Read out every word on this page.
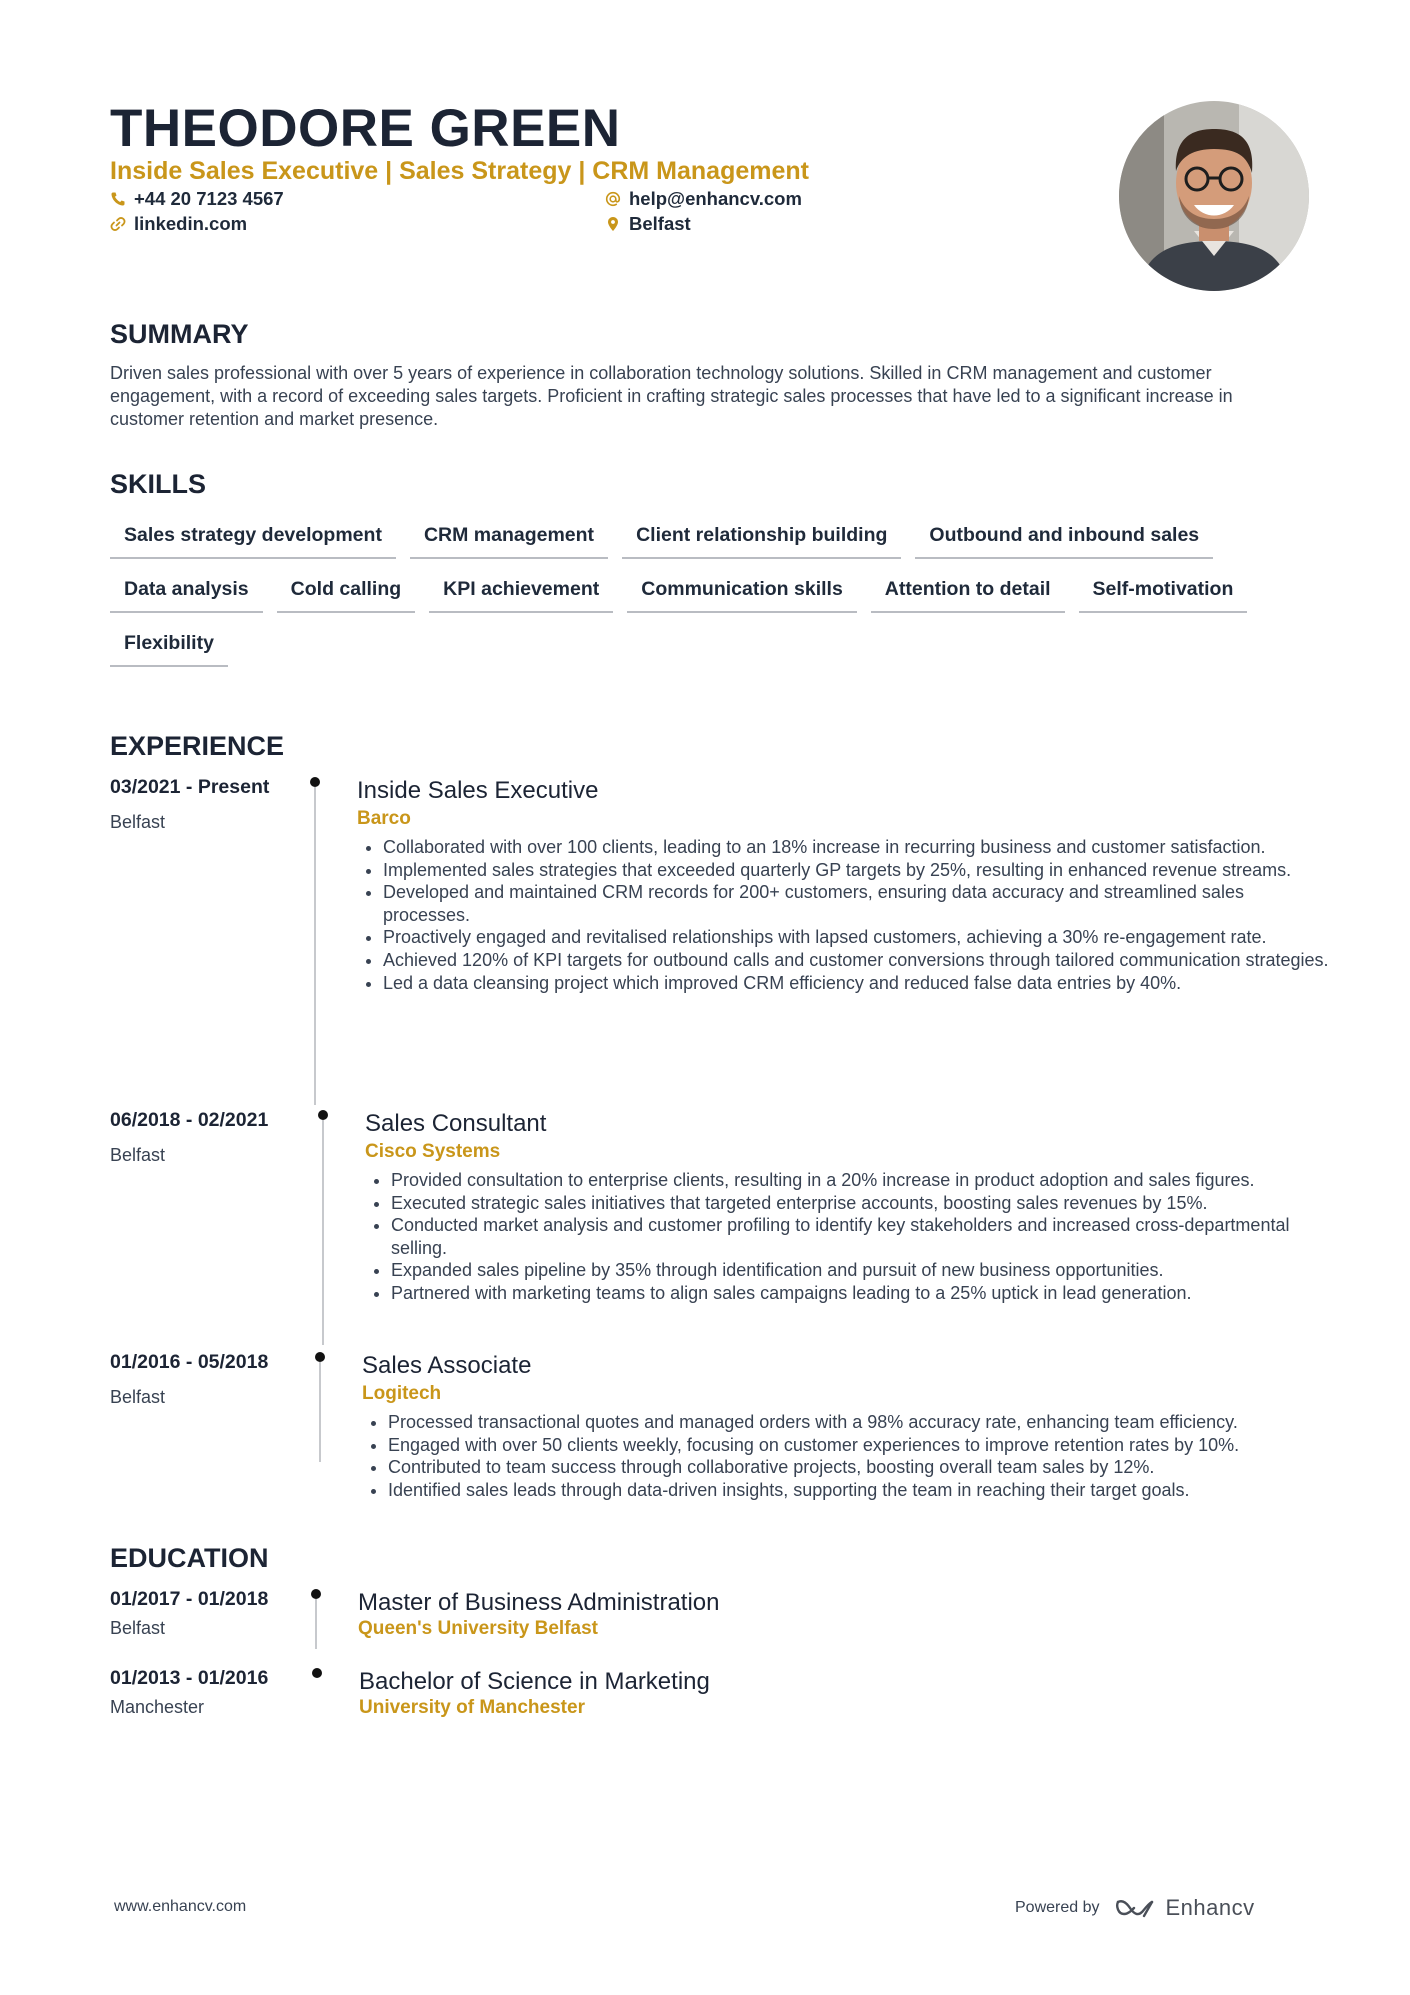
THEODORE GREEN
Inside Sales Executive | Sales Strategy | CRM Management
+44 20 7123 4567
linkedin.com
help@enhancv.com
Belfast
SUMMARY
Driven sales professional with over 5 years of experience in collaboration technology solutions. Skilled in CRM management and customer engagement, with a record of exceeding sales targets. Proficient in crafting strategic sales processes that have led to a significant increase in customer retention and market presence.
SKILLS
Sales strategy development	CRM management	Client relationship building	Outbound and inbound sales
Data analysis	Cold calling	KPI achievement	Communication skills	Attention to detail	Self-motivation
Flexibility
EXPERIENCE
03/2021 - Present
Belfast
Inside Sales Executive
Barco
• Collaborated with over 100 clients, leading to an 18% increase in recurring business and customer satisfaction.
• Implemented sales strategies that exceeded quarterly GP targets by 25%, resulting in enhanced revenue streams.
• Developed and maintained CRM records for 200+ customers, ensuring data accuracy and streamlined sales processes.
• Proactively engaged and revitalised relationships with lapsed customers, achieving a 30% re-engagement rate.
• Achieved 120% of KPI targets for outbound calls and customer conversions through tailored communication strategies.
• Led a data cleansing project which improved CRM efficiency and reduced false data entries by 40%.
06/2018 - 02/2021
Belfast
Sales Consultant
Cisco Systems
• Provided consultation to enterprise clients, resulting in a 20% increase in product adoption and sales figures.
• Executed strategic sales initiatives that targeted enterprise accounts, boosting sales revenues by 15%.
• Conducted market analysis and customer profiling to identify key stakeholders and increased cross-departmental selling.
• Expanded sales pipeline by 35% through identification and pursuit of new business opportunities.
• Partnered with marketing teams to align sales campaigns leading to a 25% uptick in lead generation.
01/2016 - 05/2018
Belfast
Sales Associate
Logitech
• Processed transactional quotes and managed orders with a 98% accuracy rate, enhancing team efficiency.
• Engaged with over 50 clients weekly, focusing on customer experiences to improve retention rates by 10%.
• Contributed to team success through collaborative projects, boosting overall team sales by 12%.
• Identified sales leads through data-driven insights, supporting the team in reaching their target goals.
EDUCATION
01/2017 - 01/2018
Belfast
Master of Business Administration
Queen's University Belfast
01/2013 - 01/2016
Manchester
Bachelor of Science in Marketing
University of Manchester
www.enhancv.com	Powered by	Enhancv
